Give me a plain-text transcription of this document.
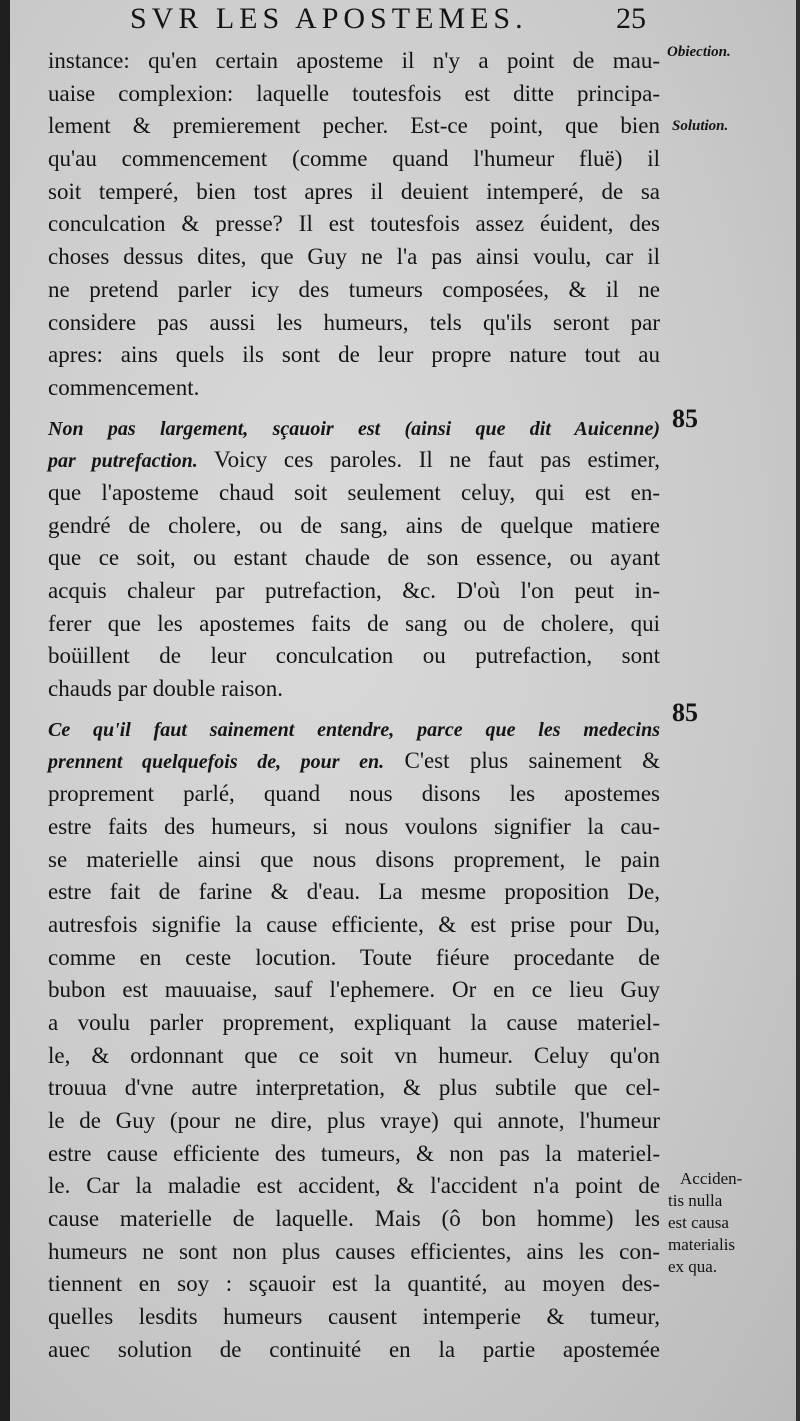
SVR LES APOSTEMES.	25
Obiection.
Solution.
85
85
Acciden-
tis nulla
est causa
materialis
ex qua.
instance: qu'en certain aposteme il n'y a point de mau-
uaise complexion: laquelle toutesfois est ditte principa-
lement & premierement pecher. Est-ce point, que bien
qu'au commencement (comme quand l'humeur fluë) il
soit temperé, bien tost apres il deuient intemperé, de sa
conculcation & presse? Il est toutesfois assez éuident, des
choses dessus dites, que Guy ne l'a pas ainsi voulu, car il
ne pretend parler icy des tumeurs composées, & il ne
considere pas aussi les humeurs, tels qu'ils seront par
apres: ains quels ils sont de leur propre nature tout au
commencement.
Non pas largement, sçauoir est (ainsi que dit Auicenne)
par putrefaction. Voicy ces paroles. Il ne faut pas estimer,
que l'aposteme chaud soit seulement celuy, qui est en-
gendré de cholere, ou de sang, ains de quelque matiere
que ce soit, ou estant chaude de son essence, ou ayant
acquis chaleur par putrefaction, &c. D'où l'on peut in-
ferer que les apostemes faits de sang ou de cholere, qui
boüillent de leur conculcation ou putrefaction, sont
chauds par double raison.
Ce qu'il faut sainement entendre, parce que les medecins
prennent quelquefois de, pour en. C'est plus sainement &
proprement parlé, quand nous disons les apostemes
estre faits des humeurs, si nous voulons signifier la cau-
se materielle ainsi que nous disons proprement, le pain
estre fait de farine & d'eau. La mesme proposition De,
autresfois signifie la cause efficiente, & est prise pour Du,
comme en ceste locution. Toute fiéure procedante de
bubon est mauuaise, sauf l'ephemere. Or en ce lieu Guy
a voulu parler proprement, expliquant la cause materiel-
le, & ordonnant que ce soit vn humeur. Celuy qu'on
trouua d'vne autre interpretation, & plus subtile que cel-
le de Guy (pour ne dire, plus vraye) qui annote, l'humeur
estre cause efficiente des tumeurs, & non pas la materiel-
le. Car la maladie est accident, & l'accident n'a point de
cause materielle de laquelle. Mais (ô bon homme) les
humeurs ne sont non plus causes efficientes, ains les con-
tiennent en soy : sçauoir est la quantité, au moyen des-
quelles lesdits humeurs causent intemperie & tumeur,
auec solution de continuité en la partie apostemée
